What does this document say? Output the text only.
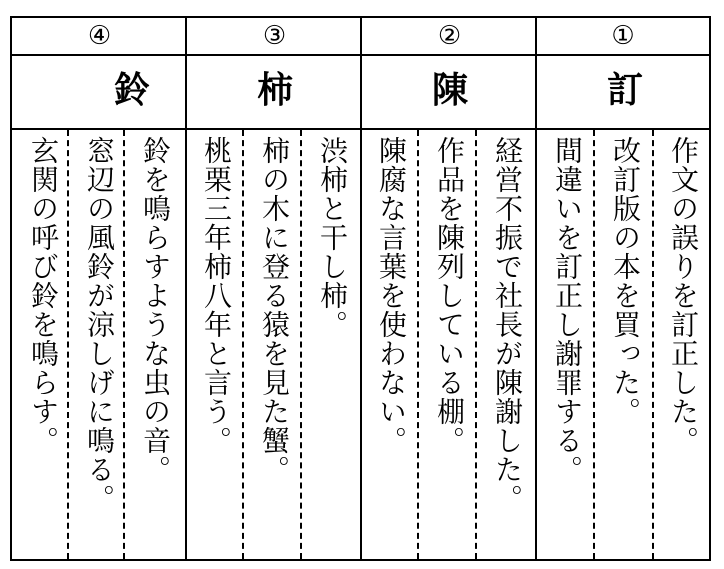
④
鈴
鈴を鳴らすような虫の音。
窓辺の風鈴が涼しげに鳴る。
玄関の呼び鈴を鳴らす。
③
柿
渋柿と干し柿。
柿の木に登る猿を見た蟹。
桃栗三年柿八年と言う。
②
陳
経営不振で社長が陳謝した。
作品を陳列している棚。
陳腐な言葉を使わない。
①
訂
作文の誤りを訂正した。
改訂版の本を買った。
間違いを訂正し謝罪する。
